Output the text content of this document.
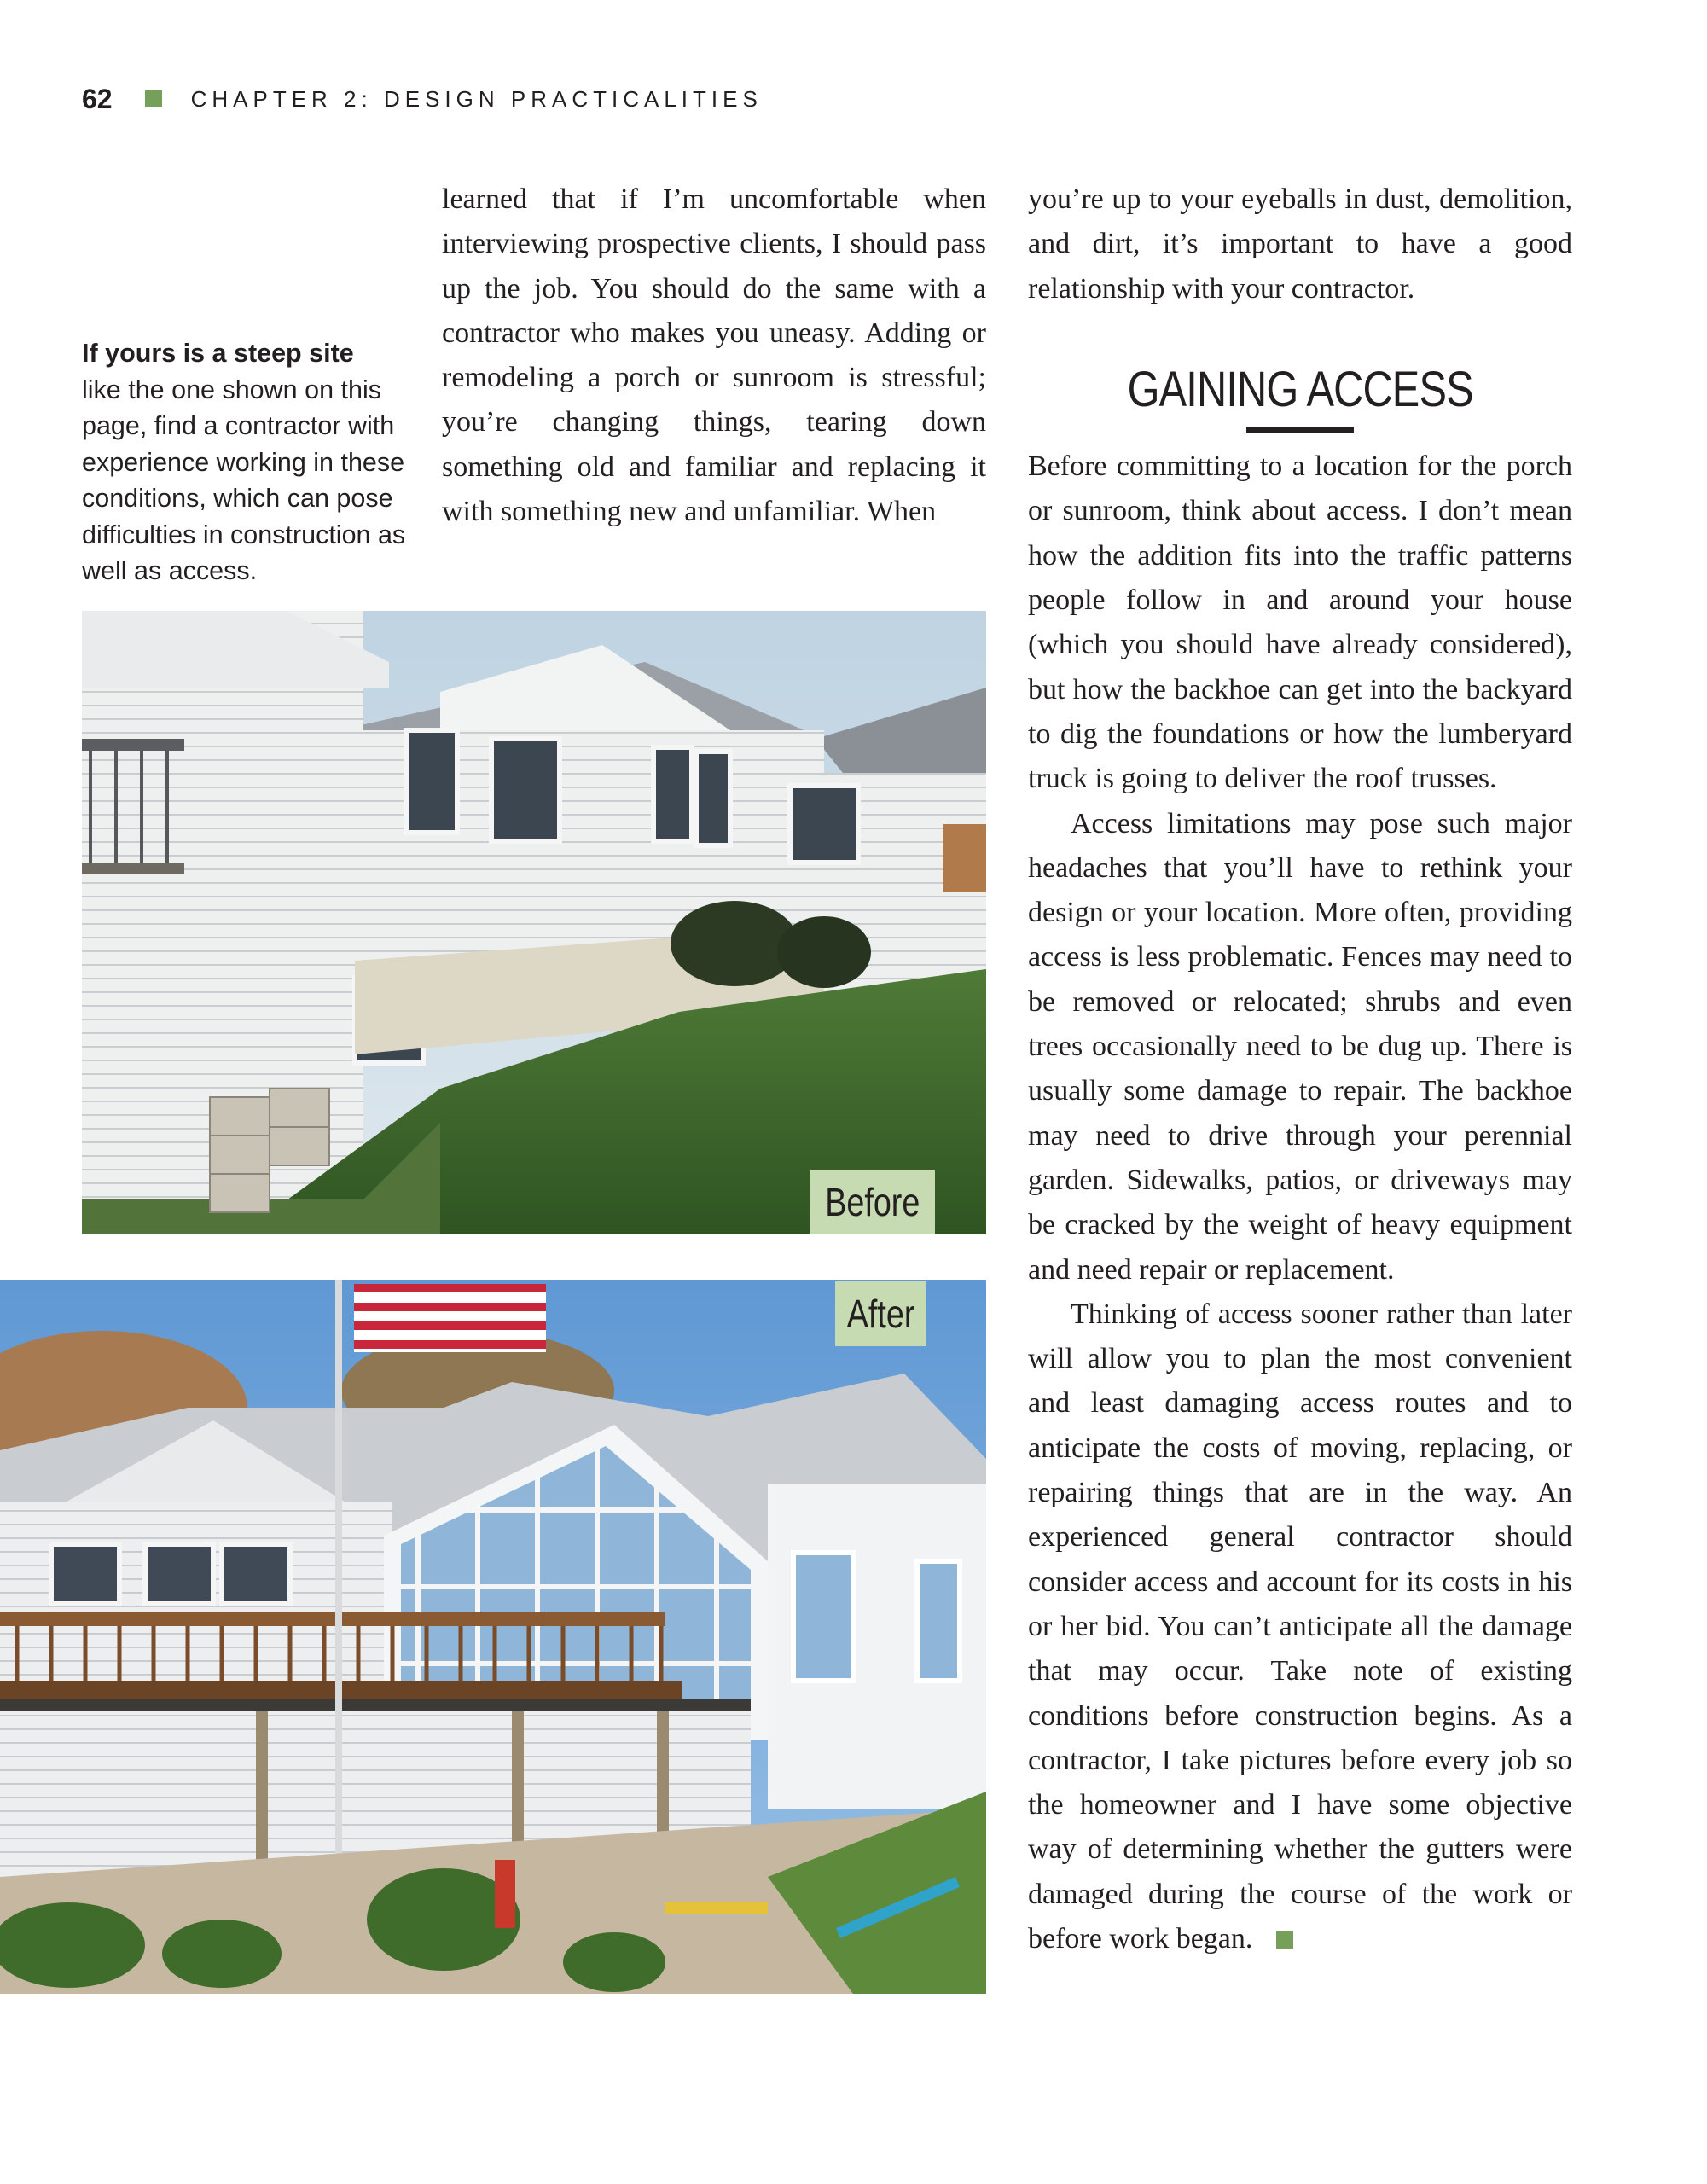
62	CHAPTER 2: DESIGN PRACTICALITIES
If yours is a steep site
like the one shown on this page, find a contractor with experience working in these conditions, which can pose difficulties in construction as well as access.

learned that if I’m uncomfortable when interviewing prospective clients, I should pass up the job. You should do the same with a contractor who makes you uneasy. Adding or remodeling a porch or sunroom is stressful; you’re changing things, tearing down something old and familiar and replacing it with something new and unfamiliar. When

you’re up to your eyeballs in dust, demolition, and dirt, it’s important to have a good relationship with your contractor.

GAINING ACCESS

Before committing to a location for the porch or sunroom, think about access. I don’t mean how the addition fits into the traffic patterns people follow in and around your house (which you should have already considered), but how the backhoe can get into the backyard to dig the foundations or how the lumberyard truck is going to deliver the roof trusses.

Access limitations may pose such major headaches that you’ll have to rethink your design or your location. More often, providing access is less problematic. Fences may need to be removed or relocated; shrubs and even trees occasionally need to be dug up. There is usually some damage to repair. The backhoe may need to drive through your perennial garden. Sidewalks, patios, or driveways may be cracked by the weight of heavy equipment and need repair or replacement.

Thinking of access sooner rather than later will allow you to plan the most convenient and least damaging access routes and to anticipate the costs of moving, replacing, or repairing things that are in the way. An experienced general contractor should consider access and account for its costs in his or her bid. You can’t anticipate all the damage that may occur. Take note of existing conditions before construction begins. As a contractor, I take pictures before every job so the homeowner and I have some objective way of determining whether the gutters were damaged during the course of the work or before work began.

Before
After
